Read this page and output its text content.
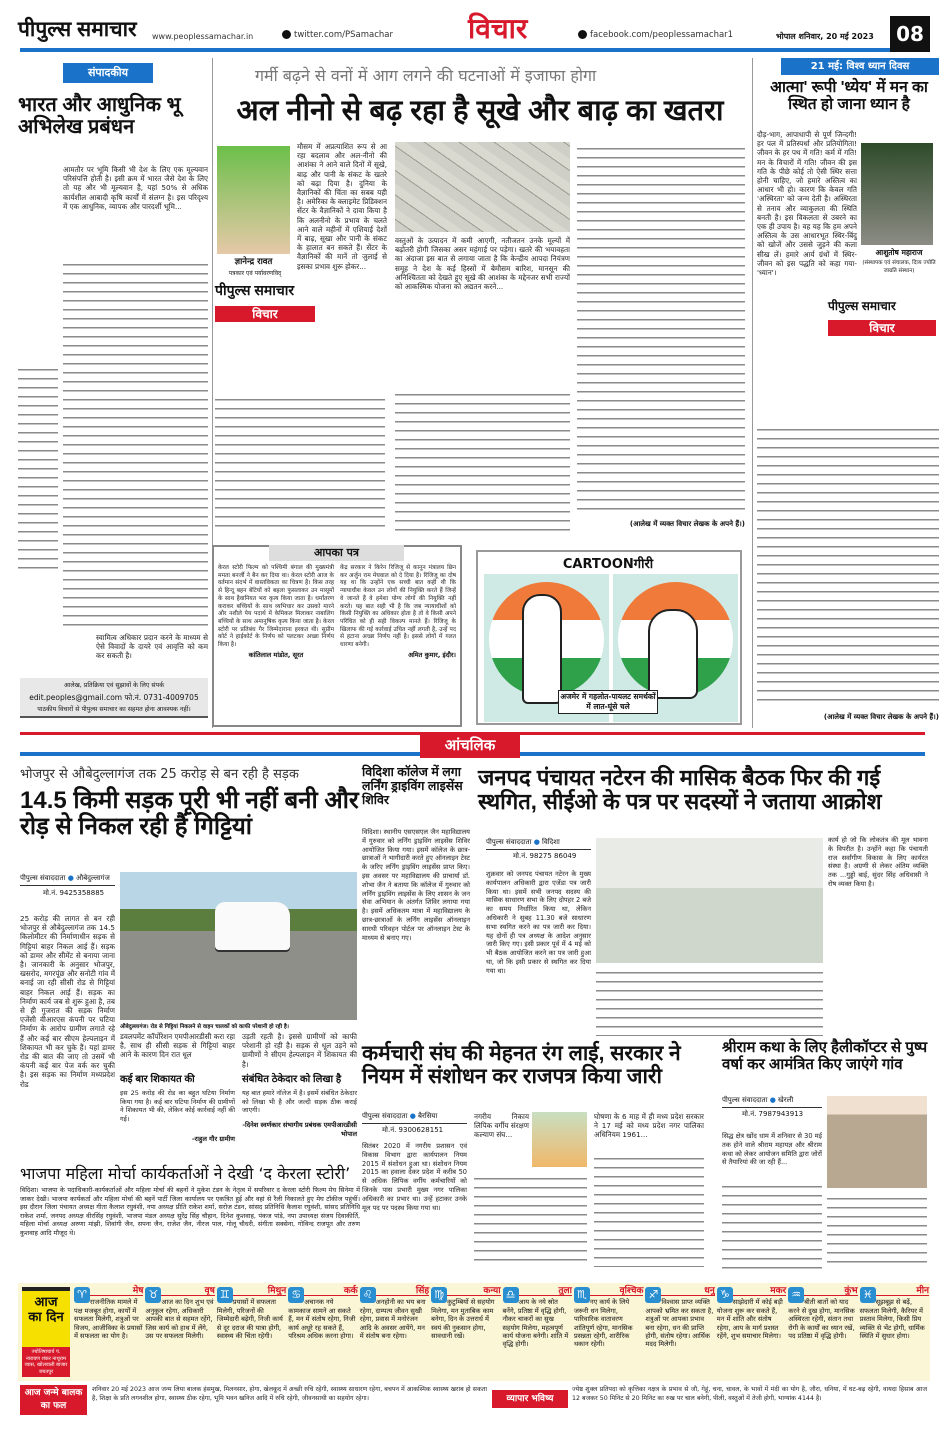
पीपुल्स समाचार www.peoplessamachar.in	twitter.com/PSamachar	विचार	facebook.com/peoplessamachar1	भोपाल शनिवार, 20 मई 2023	08
संपादकीय
भारत और आधुनिक भू अभिलेख प्रबंधन
आमतौर पर भूमि किसी भी देश के लिए एक मूल्यवान परिसंपत्ति होती है। इसी क्रम में भारत जैसे देश के लिए तो यह और भी मूल्यवान है, यहां 50% से अधिक कार्यशील आबादी कृषि कार्यों में संलग्न है। इस परिदृश्य में एक आधुनिक, व्यापक और पारदर्शी भूमि...
स्वामित्व अधिकार प्रदान करने के माध्यम से ऐसे विवादों के दायरे एवं आवृत्ति को कम कर सकती है।
आलेख, प्रतिक्रिया एवं सुझावों के लिए संपर्क
edit.peoples@gmail.com फो.नं. 0731-4009705
पाठकीय विचारों से पीपुल्स समाचार का सहमत होना आवश्यक नहीं।
गर्मी बढ़ने से वनों में आग लगने की घटनाओं में इजाफा होगा
अल नीनो से बढ़ रहा है सूखे और बाढ़ का खतरा
ज्ञानेन्द्र रावत
पत्रकार एवं पर्यावरणविद्
पीपुल्स समाचार
विचार
मौसम में अप्रत्याशित रूप से आ रहा बदलाव और अल-नीनो की आशंका ने आने वाले दिनों में सूखे, बाढ़ और पानी के संकट के खतरे को बढ़ा दिया है। दुनिया के वैज्ञानिकों की चिंता का सबब यही है। अमेरिका के क्लाइमेट प्रिडिक्शन सेंटर के वैज्ञानिकों ने दावा किया है कि अलनीनो के प्रभाव के चलते आने वाले महीनों में एशियाई देशों में बाढ़, सूखा और पानी के संकट के हालात बन सकते हैं। सेंटर के वैज्ञानिकों की मानें तो जुलाई से इसका प्रभाव शुरू होकर...
वस्तुओं के उत्पादन में कमी आएगी, नतीजतन उनके मूल्यों में बढ़ोतरी होगी जिसका असर महंगाई पर पड़ेगा। खतरे की भयावहता का अंदाजा इस बात से लगाया जाता है कि केन्द्रीय आपदा नियंत्रण समूह ने देश के कई हिस्सों में बेमौसम बारिश, मानसून की अनिश्चितता को देखते हुए सूखे की आशंका के मद्देनजर सभी राज्यों को आकस्मिक योजना को अद्यतन करने...
(आलेख में व्यक्त विचार लेखक के अपने हैं।)
21 मई: विश्व ध्यान दिवस
आत्मा' रूपी 'ध्येय' में मन का स्थित हो जाना ध्यान है
दौड़-भाग, आपाधापी से पूर्ण जिन्दगी! हर पल में प्रतिस्पर्धा और प्रतियोगिता! जीवन के हर पथ में गति! कर्म में गति! मन के विचारों में गति! जीवन की इस गति के पीछे कोई तो ऐसी स्थिर सत्ता होनी चाहिए, जो हमारे अस्तित्व का आधार भी हो। कारण कि केवल गति 'अस्थिरता' को जन्म देती है। अस्थिरता से तनाव और व्याकुलता की स्थिति बनती है। इस विकलता से उबरने का एक ही उपाय है। वह यह कि हम अपने अस्तित्व के उस आधारभूत स्थिर-बिंदु को खोजें और उससे जुड़ने की कला सीख लें। हमारे आर्य ग्रंथों में स्थिर-जीवन को इस पद्धति को कहा गया- 'ध्यान'।
आशुतोष महाराज
(संस्थापक एवं संचालक, दिव्य ज्योति जाग्रति संस्थान)
पीपुल्स समाचार
विचार
(आलेख में व्यक्त विचार लेखक के अपने हैं।)
आपका पत्र
केरल स्टोरी फिल्म को पश्चिमी बंगाल की मुख्यमंत्री ममता बनर्जी ने बैन कर दिया था। केरल स्टोरी आज के वर्तमान संदर्भ में वास्तविकता का चित्रण है। किस तरह से हिन्दू बहन बेटियों को बहला फुसलाकर उन मासूमों के साथ हैवानियत भरा कृत्य किया जाता है। धर्मांतरण कराकर बच्चियों के साथ व्यभिचार कर उसको मारने और नशीले पेय पदार्थ में केमिकल मिलाकर नाबालिग बच्चियों के साथ अमानुषिक कृत्य किया जाता है। केरल स्टोरी पर प्रतिबंध गैर जिम्मेदाराना हरकत थी। सुप्रीम कोर्ट ने हाईकोर्ट के निर्णय को पलटकर अच्छा निर्णय किया है।
कांतिलाल मांडोत, सूरत
केंद्र सरकार ने किरेन रिजिजू से कानून मंत्रालय छिन कर अर्जुन राम मेघवाल को दे दिया है। रिजिजू का दोष यह था कि उन्होंने एक सच्ची बात कही थी कि न्यायाधीश केवल उन लोगों की नियुक्ति करते हैं जिन्हें वे जानते हैं वे हमेशा योग्य लोगों की नियुक्ति नहीं करते। यह बात सही भी है कि जब न्यायाधीशों को किसी नियुक्ति का अधिकार होता है तो वे किसी अपने परिचित को ही सही विकल्प मानते हैं। रिजिजू के खिलाफ की गई कार्रवाई उचित नहीं लगती है, उन्हें पद से हटाना अच्छा निर्णय नहीं है। इससे लोगों में गलत धारणा बनेगी।
अमित कुमार, इंदौर।
CARTOONगीरी
अजमेर में गहलोत-पायलट समर्थकों में लात-घूंसे चले
आंचलिक
भोजपुर से औबेदुल्लागंज तक 25 करोड़ से बन रही है सड़क
14.5 किमी सड़क पूरी भी नहीं बनी और रोड़ से निकल रही हैं गिट्टियां
पीपुल्स संवाददाता ● औबेदुल्लागंज
मो.नं. 9425358885
25 करोड़ की लागत से बन रही भोजपुर से औबेदुल्लागंज तक 14.5 किलोमीटर की निर्माणाधीन सड़क से गिट्टियां बाहर निकल आई हैं। सड़क को डामर और सीमेंट से बनाया जाना है। जानकारी के अनुसार भोजपुर, खसरोद, मगरपूंछ और सनोटी गांव में बनाई जा रही सीसी रोड से गिट्टियां बाहर निकल आई हैं। सड़क का निर्माण कार्य जब से शुरू हुआ है, तब से ही गुजरात की सड़क निर्माण एजेंसी वीआरएस कंपनी पर घटिया निर्माण के आरोप ग्रामीण लगाते रहे हैं और कई बार सीएम हेल्पलाइन में शिकायत भी कर चुके हैं। यहां डामर रोड की बात की जाए तो उसमें भी कंपनी कई बार पेज वर्क कर चुकी है। इस सड़क का निर्माण मध्यप्रदेश रोड
औबेदुल्लागंज। रोड से गिट्टियां निकलने से वाहन चालकों को काफी परेशानी हो रही है।
डवलपमेंट कॉर्पोरेशन एमपीआरडीसी करा रहा है, साथ ही सीसी सड़क से गिट्टियां बाहर आने के कारण दिन रात धूल
उड़ती रहती है। इससे ग्रामीणों को काफी परेशानी हो रही है। सड़क से धूल उड़ने को ग्रामीणों ने सीएम हेल्पलाइन में शिकायत की है।
कई बार शिकायत की
इस 25 करोड़ की रोड का बहुत घटिया निर्माण किया गया है। कई बार घटिया निर्माण की ग्रामीणों ने शिकायत भी की, लेकिन कोई कार्रवाई नहीं की गई।
-राहुल गौर ग्रामीण
संबंधित ठेकेदार को लिखा है
यह बात हमारे नॉलेज में है। इसमें संबंधित ठेकेदार को लिखा भी है और जल्दी सड़क ठीक कराई जाएगी।
-दिनेश स्वर्णकार संभागीय प्रबंधक एमपीआरडीसी भोपाल
विदिशा कॉलेज में लगा लर्निंग ड्राइविंग लाइसेंस शिविर
विदिशा। स्थानीय एसएसएल जैन महाविद्यालय में गुरुवार को लर्निंग ड्राइविंग लाइसेंस शिविर आयोजित किया गया। इसमें कॉलेज के छात्र-छात्राओं ने भागीदारी करते हुए ऑनलाइन टेस्ट के जरिए लर्निंग ड्राइविंग लाइसेंस प्राप्त किए। इस अवसर पर महाविद्यालय की प्राचार्या डॉ. शोभा जैन ने बताया कि कॉलेज में गुरुवार को लर्निंग ड्राइविंग लाइसेंस के लिए शासन के जन सेवा अभियान के अंतर्गत शिविर लगाया गया है। इसमें अधिकतम मात्रा में महाविद्यालय के छात्र-छात्राओं के लर्निंग लाइसेंस ऑनलाइन सारथी परिवहन पोर्टल पर ऑनलाइन टेस्ट के माध्यम से बनाए गए।
जनपद पंचायत नटेरन की मासिक बैठक फिर की गई स्थगित, सीईओ के पत्र पर सदस्यों ने जताया आक्रोश
पीपुल्स संवाददाता ● विदिशा
मो.नं. 98275 86049
शुक्रवार को जनपद पंचायत नटेरन के मुख्य कार्यपालन अधिकारी द्वारा एजेंडा पत्र जारी किया था। इसमें सभी जनपद सदस्य की मासिक साधारण सभा के लिए दोपहर 2 बजे का समय निर्धारित किया था, लेकिन अधिकारी ने सुबह 11.30 बजे साधारण सभा स्थगित करने का पत्र जारी कर दिया। यह दोनों ही पत्र अध्यक्ष के आदेश अनुसार जारी किए गए। इसी प्रकार पूर्व में 4 मई को भी बैठक आयोजित करने का पत्र जारी हुआ था, जो कि इसी प्रकार से स्थगित कर दिया गया था।
कार्य हो जो कि लोकतंत्र की मूल भावना के विपरीत है। उन्होंने कहा कि पंचायती राज सर्वांगीण विकास के लिए कार्यरत संस्था है। अग्रणी से लेकर अंतिम व्यक्ति तक ...गुड्डो बाई, सुंदर सिंह अधिवासी ने रोष व्यक्त किया है।
कर्मचारी संघ की मेहनत रंग लाई, सरकार ने नियम में संशोधन कर राजपत्र किया जारी
पीपुल्स संवाददाता ● बैरसिया
मो.नं. 9300628151
सितंबर 2020 में नगरीय प्रशासन एवं विकास विभाग द्वारा कार्यपालन नियम 2015 में संशोधन हुआ था। संशोधन नियम 2015 का हवाला देकर प्रदेश में करीब 50 से अधिक लिपिक वर्गीय कर्मचारियों को जिनके पास प्रभारी मुख्य नगर पालिका अधिकारी का प्रभार था। उन्हें हटाकर उनके मूल पद पर पदस्थ किया गया था।
नगरीय निकाय लिपिक वर्गीय संरक्षण कल्याण संघ...
घोषणा के 6 माह में ही मध्य प्रदेश सरकार ने 17 मई को मध्य प्रदेश नगर पालिका अधिनियम 1961...
श्रीराम कथा के लिए हैलीकॉप्टर से पुष्प वर्षा कर आमंत्रित किए जाएंगे गांव
पीपुल्स संवाददाता ● खेरली
मो.नं. 7987943913
सिद्ध क्षेत्र खोंद धाम में शनिवार से 30 मई तक होने वाले श्रीराम महायज्ञ और श्रीराम कथा को लेकर आयोजन समिति द्वारा जोरों से तैयारियां की जा रही हैं...
भाजपा महिला मोर्चा कार्यकर्ताओं ने देखी ‘द केरला स्टोरी’
विदिशा। भाजपा के पदाधिकारी-कार्यकर्ताओं और महिला मोर्चा की बहनों ने मुकेश टंडन के नेतृत्व में सपरिवार द केरला स्टोरी फिल्म मेघ सिनेमा में जाकर देखी। भाजपा कार्यकर्ता और महिला मोर्चा की बहनें पार्टी जिला कार्यालय पर एकत्रित हुई और वहां से रैली निकालते हुए मेघ टॉकीज पहुंचीं। इस दौरान जिला पंचायत अध्यक्ष गीता कैलाश रघुवंशी, नपा अध्यक्ष प्रीति राकेश शर्मा, सरोज टंडन, सांसद प्रतिनिधि कैलाश रघुवंशी, सांसद प्रतिनिधि राकेश शर्मा, जनपद अध्यक्ष वीरसिंह रघुवंशी, भाजपा मंडल अध्यक्ष सुरेंद्र सिंह चौहान, दिनेश कुशवाह, पंकज पांडे, नपा उपाध्यक्ष संजय दिवाकीर्ति, महिला मोर्चा अध्यक्ष अरुणा मांझी, शिवांगी जैन, सपना जैन, राजेश जैन, नीरज पाल, गोलू चौधरी, संगीता सक्सेना, गोविन्द राजपूत और तरुण कुशवाह आदि मौजूद थे।
आज का दिन
ज्योतिषाचार्य पं. नारायण शंकर नाथूराम व्यास, खोलवाली बाजार जयतपुर
♈	मेष
राजनीतिक मामले में पक्ष मजबूत होगा, कार्यों में सफलता मिलेगी, शत्रुओं पर विजय, आजीविका के प्रयासों में सफलता का योग है।
♉	वृष
आज का दिन शुभ एवं अनुकूल रहेगा, अधिकारी आपकी बात से सहमत रहेंगे, जिस कार्य को हाथ में लेंगे, उस पर सफलता मिलेगी।
♊	मिथुन
प्रयासों में सफलता मिलेगी, परिजनों की जिम्मेदारी बढ़ेगी, निजी कार्य से दूर दराज की यात्रा होगी, स्वास्थ्य की चिंता रहेगी।
♋	कर्क
अचानक नये कामकाज सामने आ सकते हैं, मन में संतोष रहेगा, निजी कार्य अधूरे रह सकते हैं, परिश्रम अधिक करना होगा।
♌	सिंह
अनहोनी का भय बना रहेगा, दाम्पत्य जीवन सुखी रहेगा, प्रवास में मनोरंजन आदि के अवसर आयेंगे, मन में संतोष बना रहेगा।
♍	कन्या
कुटुम्बियों से सहयोग मिलेगा, मन मुताबिक काम बनेगा, दिन के उत्तरार्ध में स्वयं की नुकसान होगा, सावधानी रखें।
♎	तुला
आय के नये स्रोत बनेंगे, प्रतिष्ठा में वृद्धि होगी, नौकर चाकरों का सुख सहयोग मिलेगा, महत्वपूर्ण कार्य योजना बनेगी। शांति में वृद्धि होगी।
♏	वृश्चिक
नए कार्य के लिये जरूरी धन मिलेगा, पारिवारिक वातावरण शांतिपूर्ण रहेगा, मानसिक प्रसन्नता रहेगी, शारीरिक थकान रहेगी।
♐	धनु
विश्वास प्राप्त व्यक्ति आपको भ्रमित कर सकता है, शत्रुओं पर आपका प्रभाव बना रहेगा, धन की प्राप्ति होगी, संतोष रहेगा। आर्थिक मदद मिलेगी।
♑	मकर
साझेदारी में कोई बड़ी योजना शुरू कर सकते हैं, मन में शांति और संतोष रहेगा, आय के मार्ग प्रशस्त रहेंगे, शुभ समाचार मिलेगा।
♒	कुंभ
बीती बातों को याद करने से दुख होगा, मानसिक अस्थिरता रहेगी, संतान तथा रोगी के कार्यों का ध्यान रखें, पद प्रतिष्ठा में वृद्धि होगी।
♓	मीन
सूझबूझ से बढ़ें, सफलता मिलेगी, कैरियर में प्रस्ताव मिलेगा, किसी प्रिय व्यक्ति से भेंट होगी, धार्मिक स्थिति में सुधार होगा।
आज जन्मे बालक का फल
शनिवार 20 मई 2023 आज जन्म लिया बालक हंसमुख, मिलनसार, होगा, खेलकूद में अच्छी रुचि रहेगी, स्वास्थ्य साधारण रहेगा, बचपन में आकस्मिक स्वास्थ्य खराब हो सकता है, शिक्षा के प्रति लगनशील होगा, स्वास्थ्य ठीक रहेगा, भूमि भवन खनिज आदि में रुचि रहेगी, जीवनसाथी का सहयोग रहेगा।	व्यापार भविष्य
ज्येष्ठ शुक्ल प्रतिपदा को कृत्तिका नक्षत्र के प्रभाव से जौ, गेहूं, चना, चावल, के भावों में मंदी का योग है, जौरा, धनिया, में घट-बढ़ रहेगी, वायदा हिसाब आज 12 बजकर 50 मिनिट से 20 मिनिट का रुख पर चाल बनेगी, पीली, वस्तुओं में तेजी होगी, भाग्यांक 4144 है।
